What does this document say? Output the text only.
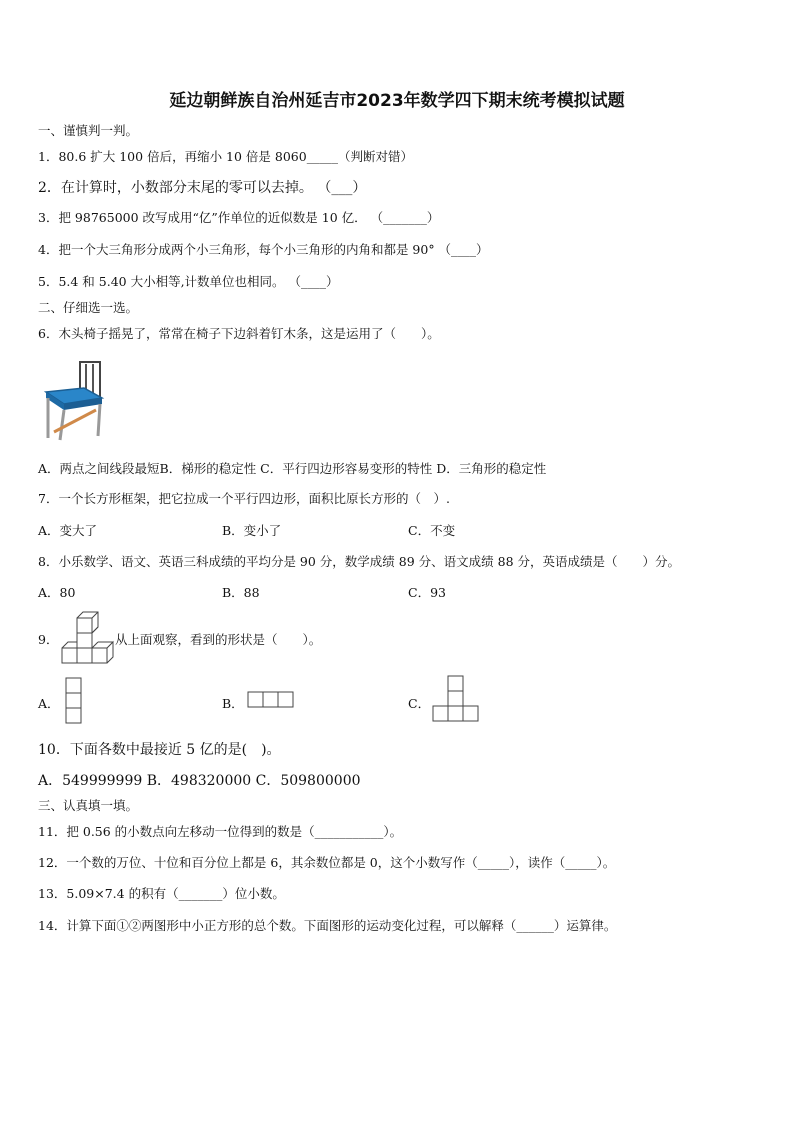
延边朝鲜族自治州延吉市2023年数学四下期末统考模拟试题
一、谨慎判一判。
1．80.6 扩大 100 倍后，再缩小 10 倍是 8060_____（判断对错）
2．在计算时，小数部分末尾的零可以去掉。 （___）
3．把 98765000 改写成用“亿”作单位的近似数是 10 亿． （_______）
4．把一个大三角形分成两个小三角形，每个小三角形的内角和都是 90° （____）
5．5.4 和 5.40 大小相等,计数单位也相同。 （____）
二、仔细选一选。
6．木头椅子摇晃了，常常在椅子下边斜着钉木条，这是运用了（　　）。
A．两点之间线段最短B．梯形的稳定性 C．平行四边形容易变形的特性 D．三角形的稳定性
7．一个长方形框架，把它拉成一个平行四边形，面积比原长方形的（　）.
A．变大了	B．变小了	C．不变
8．小乐数学、语文、英语三科成绩的平均分是 90 分，数学成绩 89 分、语文成绩 88 分，英语成绩是（　　）分。
A．80	B．88	C．93
9．	从上面观察，看到的形状是（　　）。
A．	B．	C．
10．下面各数中最接近 5 亿的是(　)。
A．549999999 B．498320000 C．509800000
三、认真填一填。
11．把 0.56 的小数点向左移动一位得到的数是（___________）。
12．一个数的万位、十位和百分位上都是 6，其余数位都是 0，这个小数写作（_____），读作（_____）。
13．5.09×7.4 的积有（_______）位小数。
14．计算下面①②两图形中小正方形的总个数。下面图形的运动变化过程，可以解释（______）运算律。
